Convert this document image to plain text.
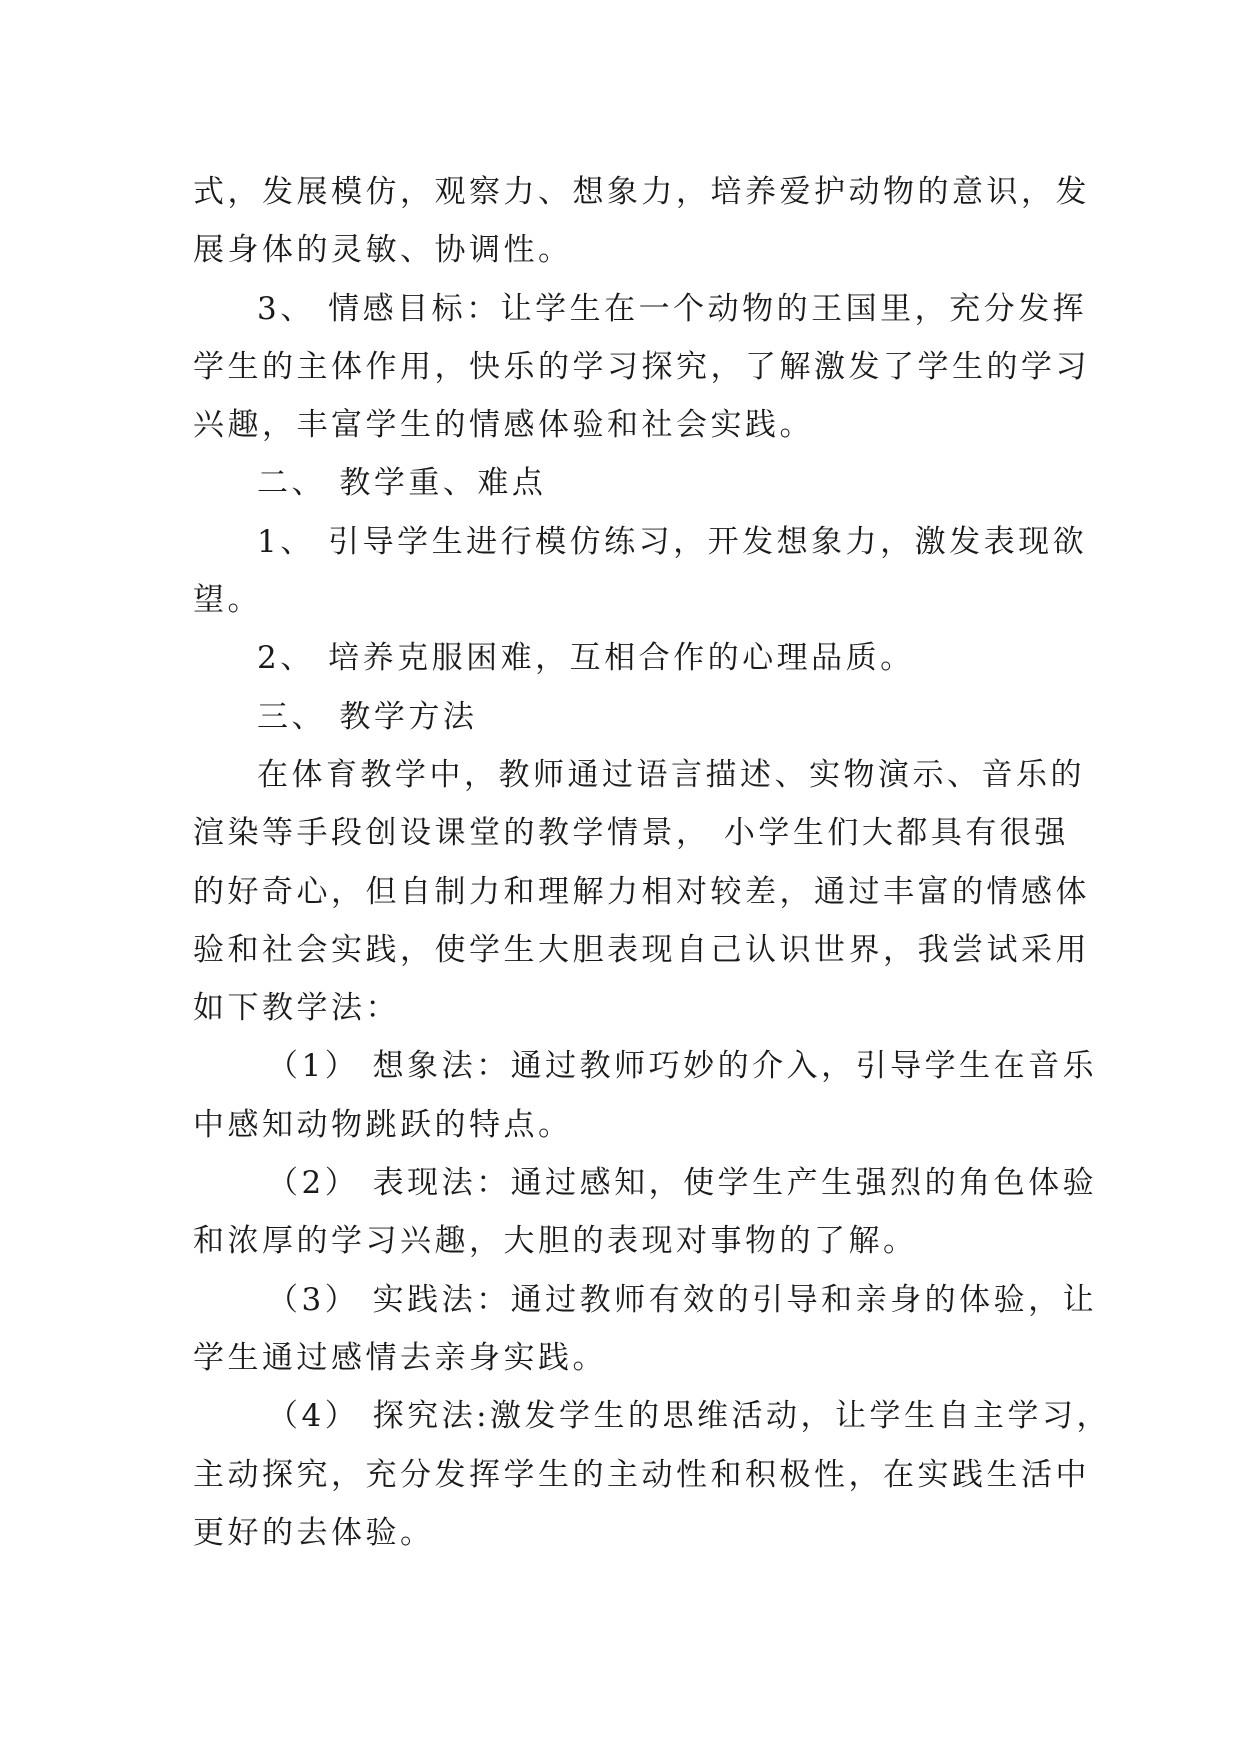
式，发展模仿，观察力、想象力，培养爱护动物的意识，发
展身体的灵敏、协调性。
3、 情感目标：让学生在一个动物的王国里，充分发挥
学生的主体作用，快乐的学习探究，了解激发了学生的学习
兴趣，丰富学生的情感体验和社会实践。
二、 教学重、难点
1、 引导学生进行模仿练习，开发想象力，激发表现欲
望。
2、 培养克服困难，互相合作的心理品质。
三、 教学方法
在体育教学中，教师通过语言描述、实物演示、音乐的
渲染等手段创设课堂的教学情景， 小学生们大都具有很强
的好奇心，但自制力和理解力相对较差，通过丰富的情感体
验和社会实践，使学生大胆表现自己认识世界，我尝试采用
如下教学法：
（1） 想象法：通过教师巧妙的介入，引导学生在音乐
中感知动物跳跃的特点。
（2） 表现法：通过感知，使学生产生强烈的角色体验
和浓厚的学习兴趣，大胆的表现对事物的了解。
（3） 实践法：通过教师有效的引导和亲身的体验，让
学生通过感情去亲身实践。
（4） 探究法:激发学生的思维活动，让学生自主学习，
主动探究，充分发挥学生的主动性和积极性，在实践生活中
更好的去体验。
